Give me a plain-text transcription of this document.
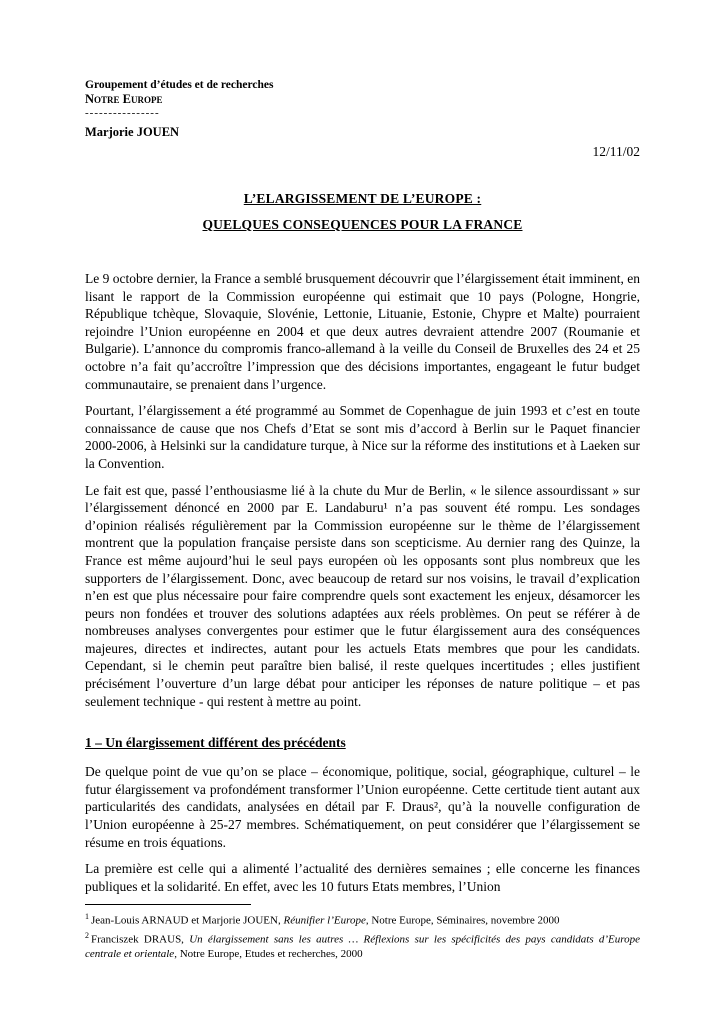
Groupement d’études et de recherches

Notre Europe

----------------

Marjorie JOUEN

12/11/02

L’ELARGISSEMENT DE L’EUROPE :
QUELQUES CONSEQUENCES POUR LA FRANCE

Le 9 octobre dernier, la France a semblé brusquement découvrir que l’élargissement était imminent, en lisant le rapport de la Commission européenne qui estimait que 10 pays (Pologne, Hongrie, République tchèque, Slovaquie, Slovénie, Lettonie, Lituanie, Estonie, Chypre et Malte) pourraient rejoindre l’Union européenne en 2004 et que deux autres devraient attendre 2007 (Roumanie et Bulgarie). L’annonce du compromis franco-allemand à la veille du Conseil de Bruxelles des 24 et 25 octobre n’a fait qu’accroître l’impression que des décisions importantes, engageant le futur budget communautaire, se prenaient dans l’urgence.

Pourtant, l’élargissement a été programmé au Sommet de Copenhague de juin 1993 et c’est en toute connaissance de cause que nos Chefs d’Etat se sont mis d’accord à Berlin sur le Paquet financier 2000-2006, à Helsinki sur la candidature turque, à Nice sur la réforme des institutions et à Laeken sur la Convention.

Le fait est que, passé l’enthousiasme lié à la chute du Mur de Berlin, « le silence assourdissant » sur l’élargissement dénoncé en 2000 par E. Landaburu¹ n’a pas souvent été rompu. Les sondages d’opinion réalisés régulièrement par la Commission européenne sur le thème de l’élargissement montrent que la population française persiste dans son scepticisme. Au dernier rang des Quinze, la France est même aujourd’hui le seul pays européen où les opposants sont plus nombreux que les supporters de l’élargissement. Donc, avec beaucoup de retard sur nos voisins, le travail d’explication n’en est que plus nécessaire pour faire comprendre quels sont exactement les enjeux, désamorcer les peurs non fondées et trouver des solutions adaptées aux réels problèmes. On peut se référer à de nombreuses analyses convergentes pour estimer que le futur élargissement aura des conséquences majeures, directes et indirectes, autant pour les actuels Etats membres que pour les candidats. Cependant, si le chemin peut paraître bien balisé, il reste quelques incertitudes ; elles justifient précisément l’ouverture d’un large débat pour anticiper les réponses de nature politique – et pas seulement technique - qui restent à mettre au point.

1 – Un élargissement différent des précédents

De quelque point de vue qu’on se place – économique, politique, social, géographique, culturel – le futur élargissement va profondément transformer l’Union européenne. Cette certitude tient autant aux particularités des candidats, analysées en détail par F. Draus², qu’à la nouvelle configuration de l’Union européenne à 25-27 membres. Schématiquement, on peut considérer que l’élargissement se résume en trois équations.

La première est celle qui a alimenté l’actualité des dernières semaines ; elle concerne les finances publiques et la solidarité. En effet, avec les 10 futurs Etats membres, l’Union

$^1$ Jean-Louis ARNAUD et Marjorie JOUEN, Réunifier l’Europe, Notre Europe, Séminaires, novembre 2000

$^2$ Franciszek DRAUS, Un élargissement sans les autres … Réflexions sur les spécificités des pays candidats d’Europe centrale et orientale, Notre Europe, Etudes et recherches, 2000
